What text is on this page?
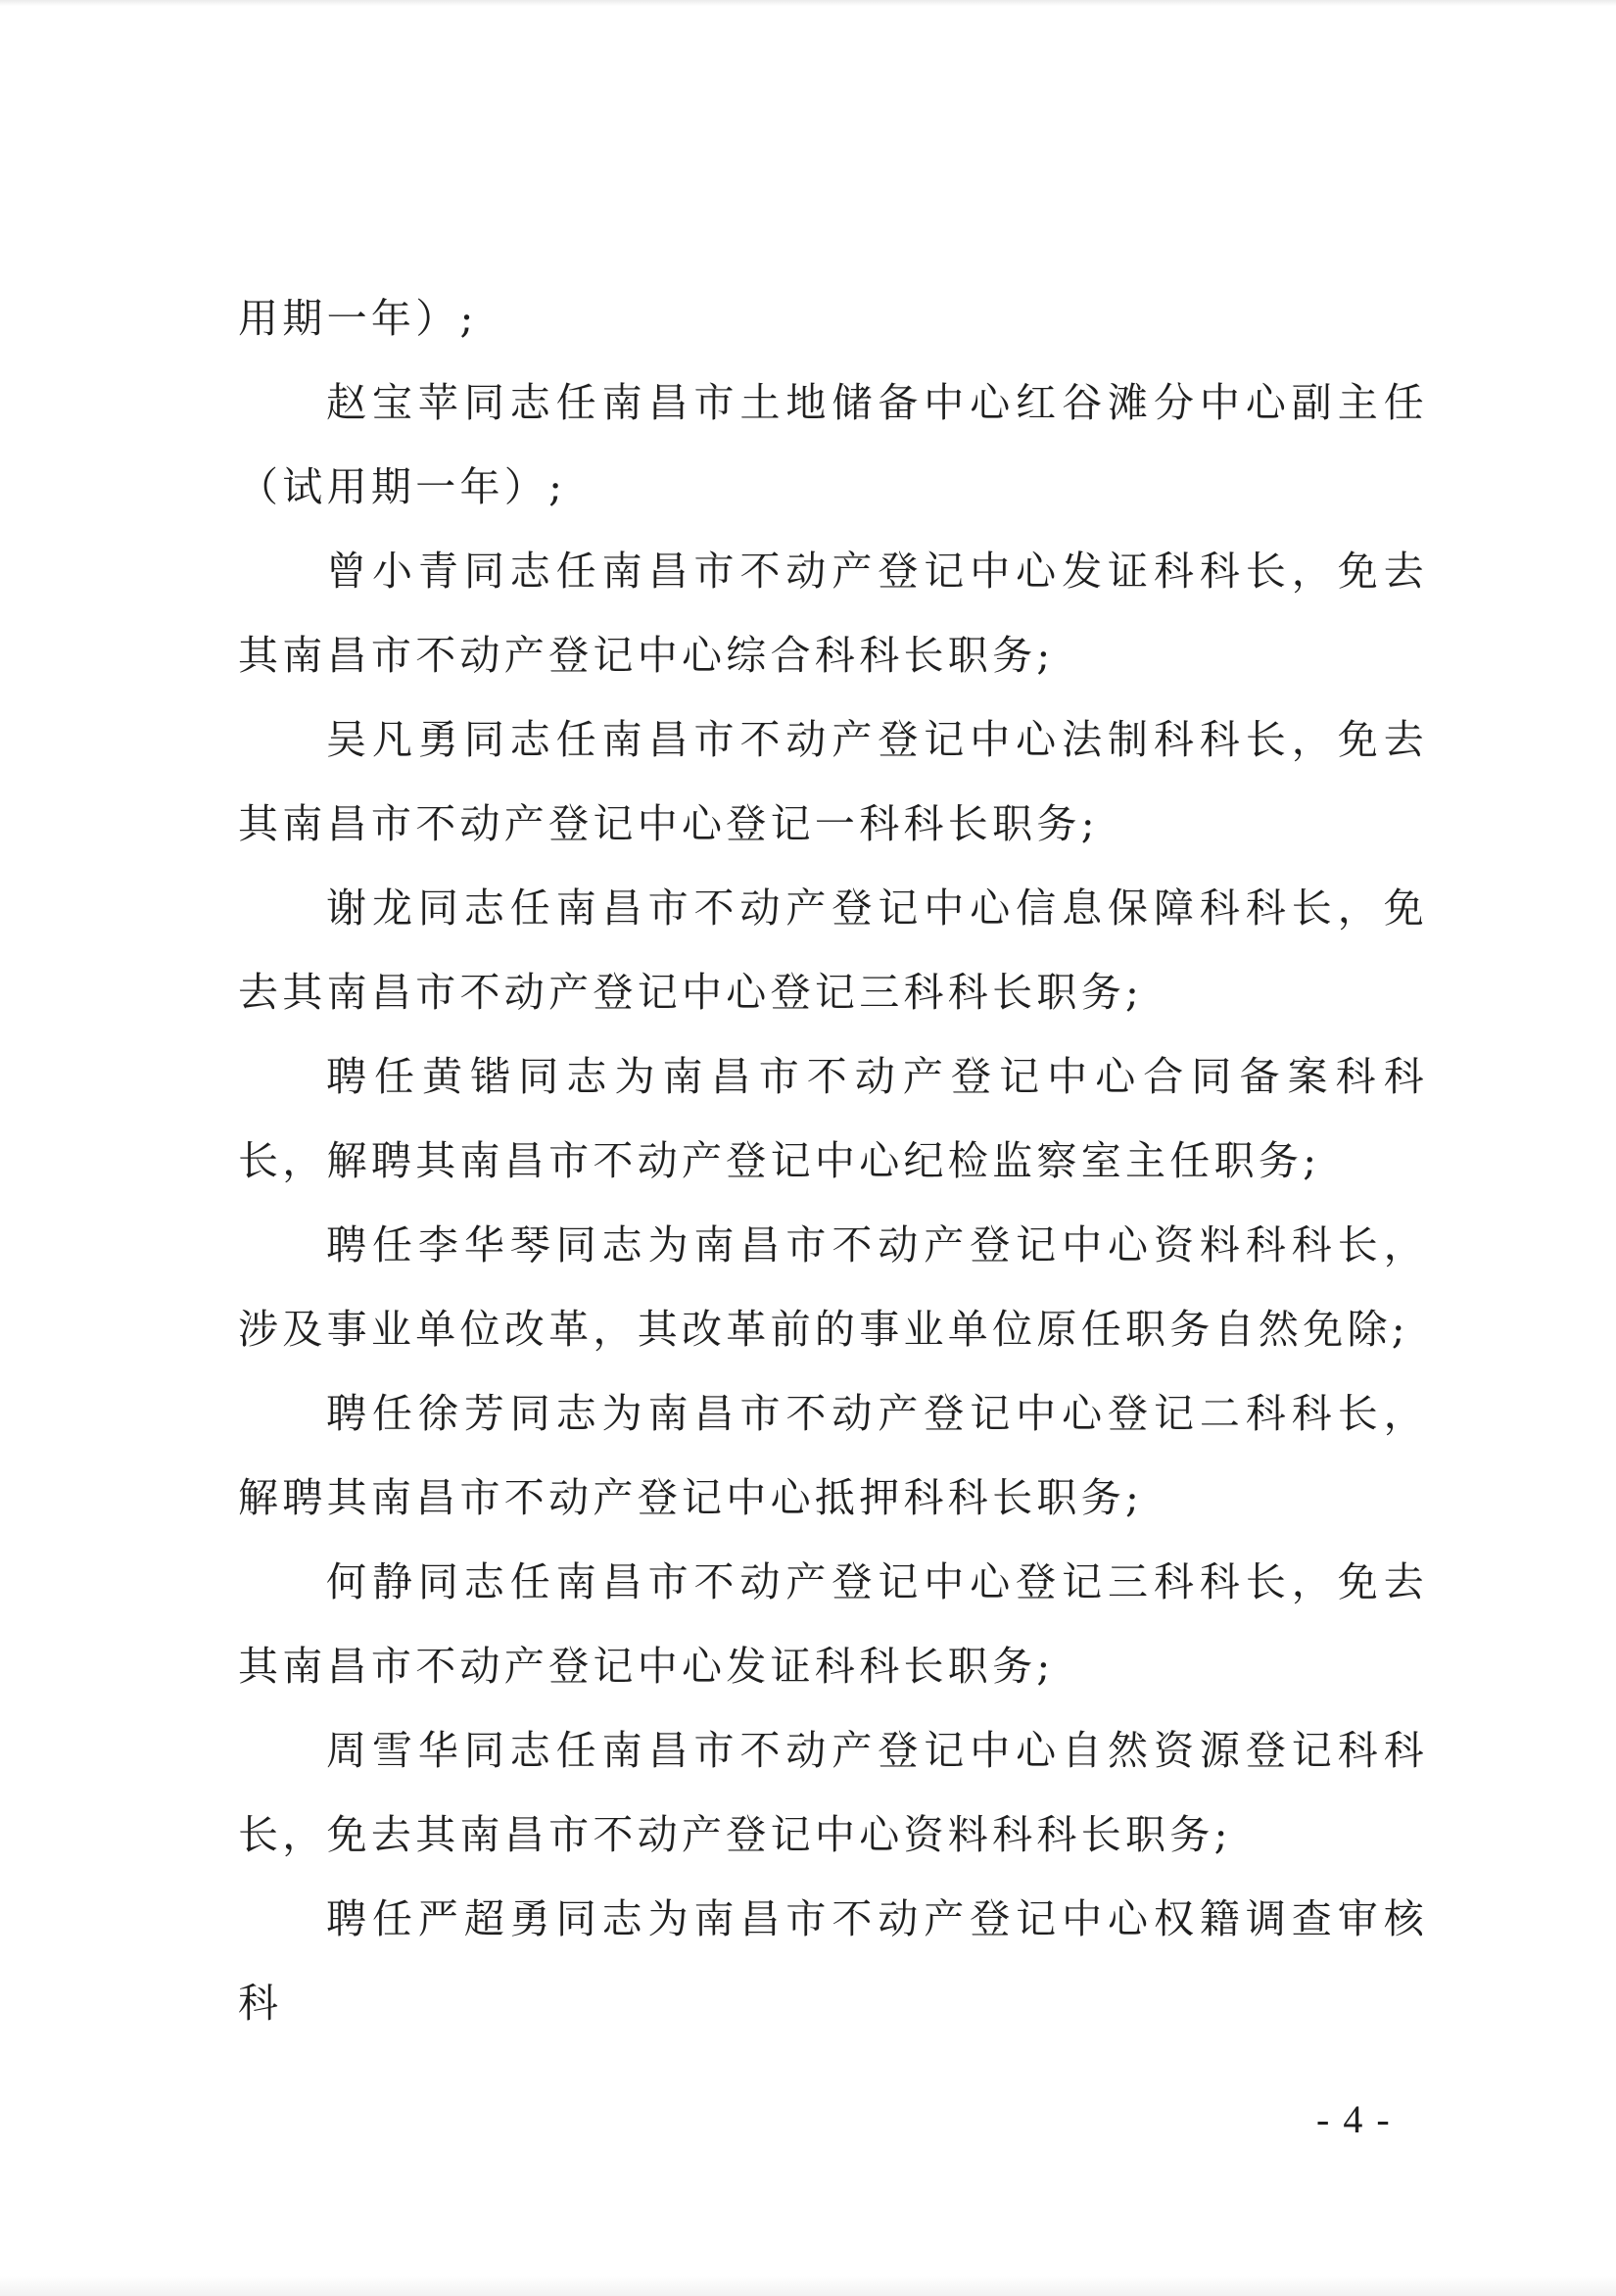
用期一年）;

赵宝苹同志任南昌市土地储备中心红谷滩分中心副主任（试用期一年）;

曾小青同志任南昌市不动产登记中心发证科科长，免去其南昌市不动产登记中心综合科科长职务;

吴凡勇同志任南昌市不动产登记中心法制科科长，免去其南昌市不动产登记中心登记一科科长职务;

谢龙同志任南昌市不动产登记中心信息保障科科长，免去其南昌市不动产登记中心登记三科科长职务;

聘任黄锴同志为南昌市不动产登记中心合同备案科科长，解聘其南昌市不动产登记中心纪检监察室主任职务;

聘任李华琴同志为南昌市不动产登记中心资料科科长，涉及事业单位改革，其改革前的事业单位原任职务自然免除;

聘任徐芳同志为南昌市不动产登记中心登记二科科长，解聘其南昌市不动产登记中心抵押科科长职务;

何静同志任南昌市不动产登记中心登记三科科长，免去其南昌市不动产登记中心发证科科长职务;

周雪华同志任南昌市不动产登记中心自然资源登记科科长，免去其南昌市不动产登记中心资料科科长职务;

聘任严超勇同志为南昌市不动产登记中心权籍调查审核科

- 4 -
